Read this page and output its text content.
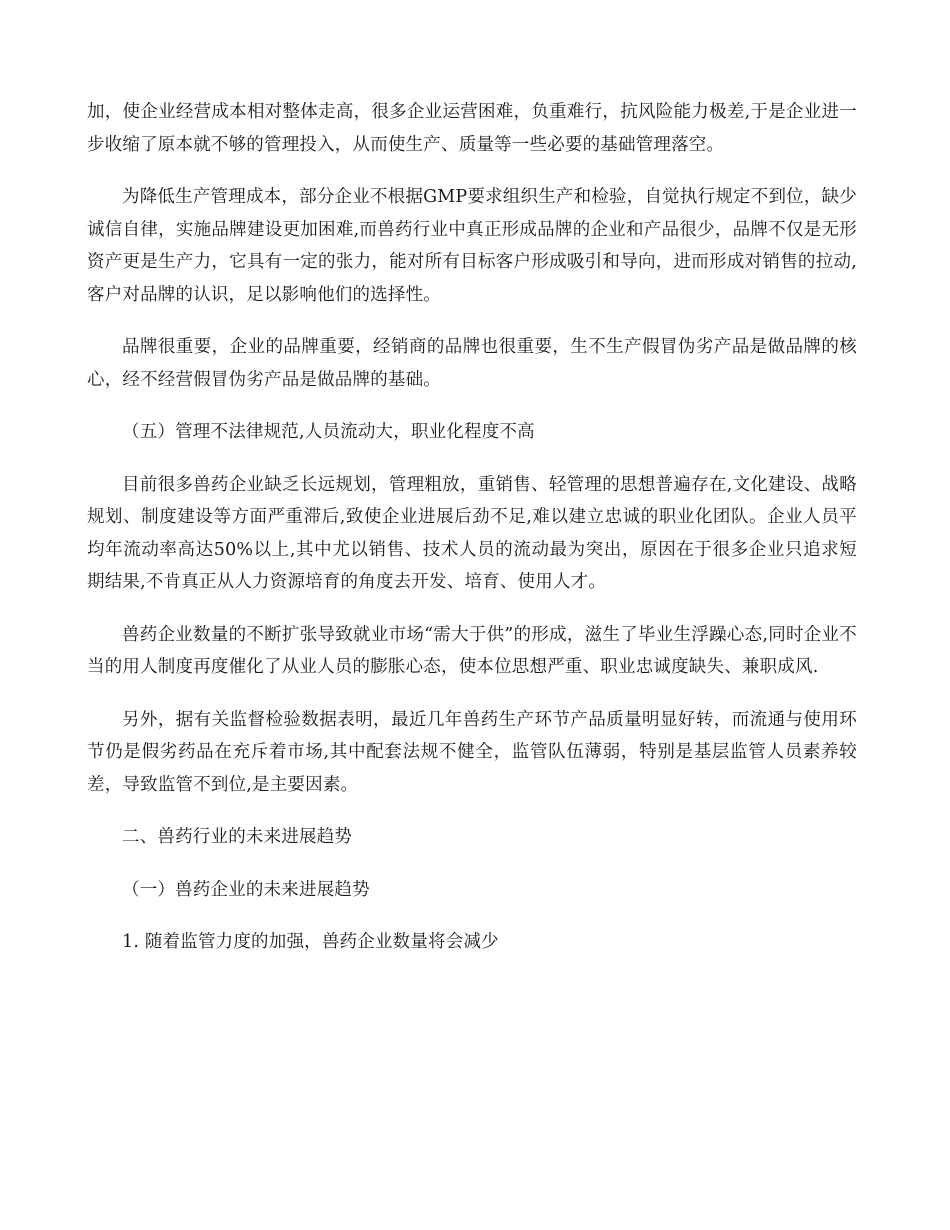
加，使企业经营成本相对整体走高，很多企业运营困难，负重难行，抗风险能力极差,于是企业进一步收缩了原本就不够的管理投入，从而使生产、质量等一些必要的基础管理落空。

为降低生产管理成本，部分企业不根据GMP要求组织生产和检验，自觉执行规定不到位，缺少诚信自律，实施品牌建设更加困难,而兽药行业中真正形成品牌的企业和产品很少，品牌不仅是无形资产更是生产力，它具有一定的张力，能对所有目标客户形成吸引和导向，进而形成对销售的拉动,客户对品牌的认识，足以影响他们的选择性。

品牌很重要，企业的品牌重要，经销商的品牌也很重要，生不生产假冒伪劣产品是做品牌的核心，经不经营假冒伪劣产品是做品牌的基础。

（五）管理不法律规范,人员流动大，职业化程度不高

目前很多兽药企业缺乏长远规划，管理粗放，重销售、轻管理的思想普遍存在,文化建设、战略规划、制度建设等方面严重滞后,致使企业进展后劲不足,难以建立忠诚的职业化团队。企业人员平均年流动率高达50%以上,其中尤以销售、技术人员的流动最为突出，原因在于很多企业只追求短期结果,不肯真正从人力资源培育的角度去开发、培育、使用人才。

兽药企业数量的不断扩张导致就业市场“需大于供”的形成，滋生了毕业生浮躁心态,同时企业不当的用人制度再度催化了从业人员的膨胀心态，使本位思想严重、职业忠诚度缺失、兼职成风.

另外，据有关监督检验数据表明，最近几年兽药生产环节产品质量明显好转，而流通与使用环节仍是假劣药品在充斥着市场,其中配套法规不健全，监管队伍薄弱，特别是基层监管人员素养较差，导致监管不到位,是主要因素。

二、兽药行业的未来进展趋势

（一）兽药企业的未来进展趋势

1. 随着监管力度的加强，兽药企业数量将会减少
